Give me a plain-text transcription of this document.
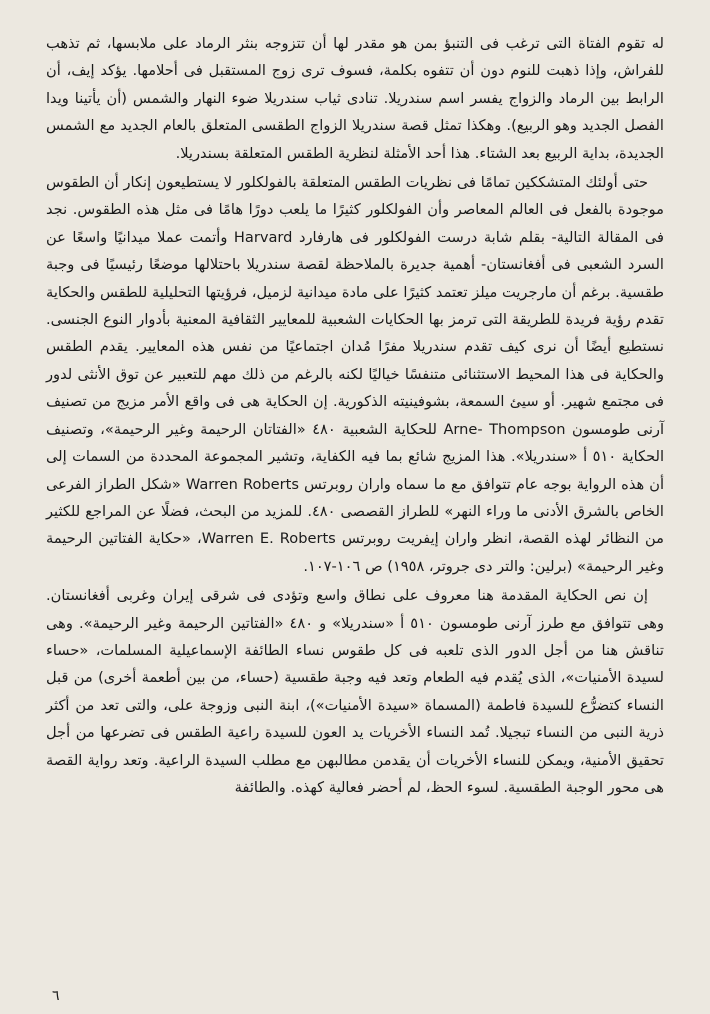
له تقوم الفتاة التى ترغب فى التنبؤ بمن هو مقدر لها أن تتزوجه بنثر الرماد على ملابسها، ثم تذهب للفراش، وإذا ذهبت للنوم دون أن تتفوه بكلمة، فسوف ترى زوج المستقبل فى أحلامها. يؤكد إيف، أن الرابط بين الرماد والزواج يفسر اسم سندريلا. تنادى ثياب سندريلا ضوء النهار والشمس (أن يأتينا ويدا الفصل الجديد وهو الربيع). وهكذا تمثل قصة سندريلا الزواج الطقسى المتعلق بالعام الجديد مع الشمس الجديدة، بداية الربيع بعد الشتاء. هذا أحد الأمثلة لنظرية الطقس المتعلقة بسندريلا.

حتى أولئك المتشككين تمامًا فى نظريات الطقس المتعلقة بالفولكلور لا يستطيعون إنكار أن الطقوس موجودة بالفعل فى العالم المعاصر وأن الفولكلور كثيرًا ما يلعب دورًا هامًا فى مثل هذه الطقوس. نجد فى المقالة التالية- بقلم شابة درست الفولكلور فى هارفارد Harvard وأتمت عملا ميدانيًا واسعًا عن السرد الشعبى فى أفغانستان- أهمية جديرة بالملاحظة لقصة سندريلا باحتلالها موضعًا رئيسيًا فى وجبة طقسية. برغم أن مارجريت ميلز تعتمد كثيرًا على مادة ميدانية لزميل، فرؤيتها التحليلية للطقس والحكاية تقدم رؤية فريدة للطريقة التى ترمز بها الحكايات الشعبية للمعايير الثقافية المعنية بأدوار النوع الجنسى. نستطيع أيضًا أن نرى كيف تقدم سندريلا مفرًا مُدان اجتماعيًا من نفس هذه المعايير. يقدم الطقس والحكاية فى هذا المحيط الاستثنائى متنفسًا خياليًا لكنه بالرغم من ذلك مهم للتعبير عن توق الأنثى لدور فى مجتمع شهير. أو سيئ السمعة، بشوفينيته الذكورية. إن الحكاية هى فى واقع الأمر مزيج من تصنيف آرنى طومسون Arne- Thompson للحكاية الشعبية ٤٨٠ «الفتاتان الرحيمة وغير الرحيمة»، وتصنيف الحكاية ٥١٠ أ «سندريلا». هذا المزيج شائع بما فيه الكفاية، وتشير المجموعة المحددة من السمات إلى أن هذه الرواية بوجه عام تتوافق مع ما سماه واران روبرتس Warren Roberts «شكل الطراز الفرعى الخاص بالشرق الأدنى ما وراء النهر» للطراز القصصى ٤٨٠. للمزيد من البحث، فضلًا عن المراجع للكثير من النظائر لهذه القصة، انظر واران إيفريت روبرتس Warren E. Roberts، «حكاية الفتاتين الرحيمة وغير الرحيمة» (برلين: والتر دى جروتر، ١٩٥٨) ص ١٠٦-١٠٧.

إن نص الحكاية المقدمة هنا معروف على نطاق واسع وتؤدى فى شرقى إيران وغربى أفغانستان. وهى تتوافق مع طرز آرنى طومسون ٥١٠ أ «سندريلا» و ٤٨٠ «الفتاتين الرحيمة وغير الرحيمة». وهى تناقش هنا من أجل الدور الذى تلعبه فى كل طقوس نساء الطائفة الإسماعيلية المسلمات، «حساء لسيدة الأمنيات»، الذى يُقدم فيه الطعام وتعد فيه وجبة طقسية (حساء، من بين أطعمة أخرى) من قبل النساء كتضرُّع للسيدة فاطمة (المسماة «سيدة الأمنيات»)، ابنة النبى وزوجة على، والتى تعد من أكثر ذرية النبى من النساء تبجيلا. تُمد النساء الأخريات يد العون للسيدة راعية الطقس فى تضرعها من أجل تحقيق الأمنية، ويمكن للنساء الأخريات أن يقدمن مطالبهن مع مطلب السيدة الراعية. وتعد رواية القصة هى محور الوجبة الطقسية. لسوء الحظ، لم أحضر فعالية كهذه. والطائفة

٦
